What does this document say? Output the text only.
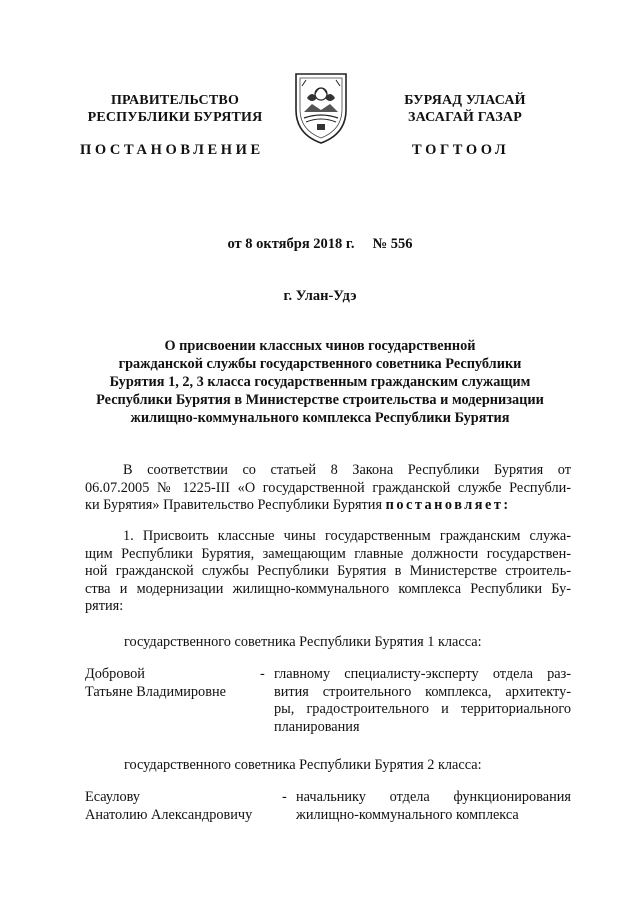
ПРАВИТЕЛЬСТВО
РЕСПУБЛИКИ БУРЯТИЯ
БУРЯАД УЛАСАЙ
ЗАСАГАЙ ГАЗАР
ПОСТАНОВЛЕНИЕ	ТОГТООЛ
от 8 октября 2018 г.     № 556
г. Улан-Удэ
О присвоении классных чинов государственной
гражданской службы государственного советника Республики
Бурятия 1, 2, 3 класса государственным гражданским служащим
Республики Бурятия в Министерстве строительства и модернизации
жилищно-коммунального комплекса Республики Бурятия
В соответствии со статьей 8 Закона Республики Бурятия от
06.07.2005 № 1225-III «О государственной гражданской службе Республи-
ки Бурятия» Правительство Республики Бурятия постановляет:
1. Присвоить классные чины государственным гражданским служа-
щим Республики Бурятия, замещающим главные должности государствен-
ной гражданской службы Республики Бурятия в Министерстве строитель-
ства и модернизации жилищно-коммунального комплекса Республики Бу-
рятия:
государственного советника Республики Бурятия 1 класса:
Добровой
Татьяне Владимировне
- главному специалисту-эксперту отдела раз-
вития строительного комплекса, архитекту-
ры, градостроительного и территориального
планирования
государственного советника Республики Бурятия 2 класса:
Есаулову
Анатолию Александровичу
- начальнику отдела функционирования
жилищно-коммунального комплекса
